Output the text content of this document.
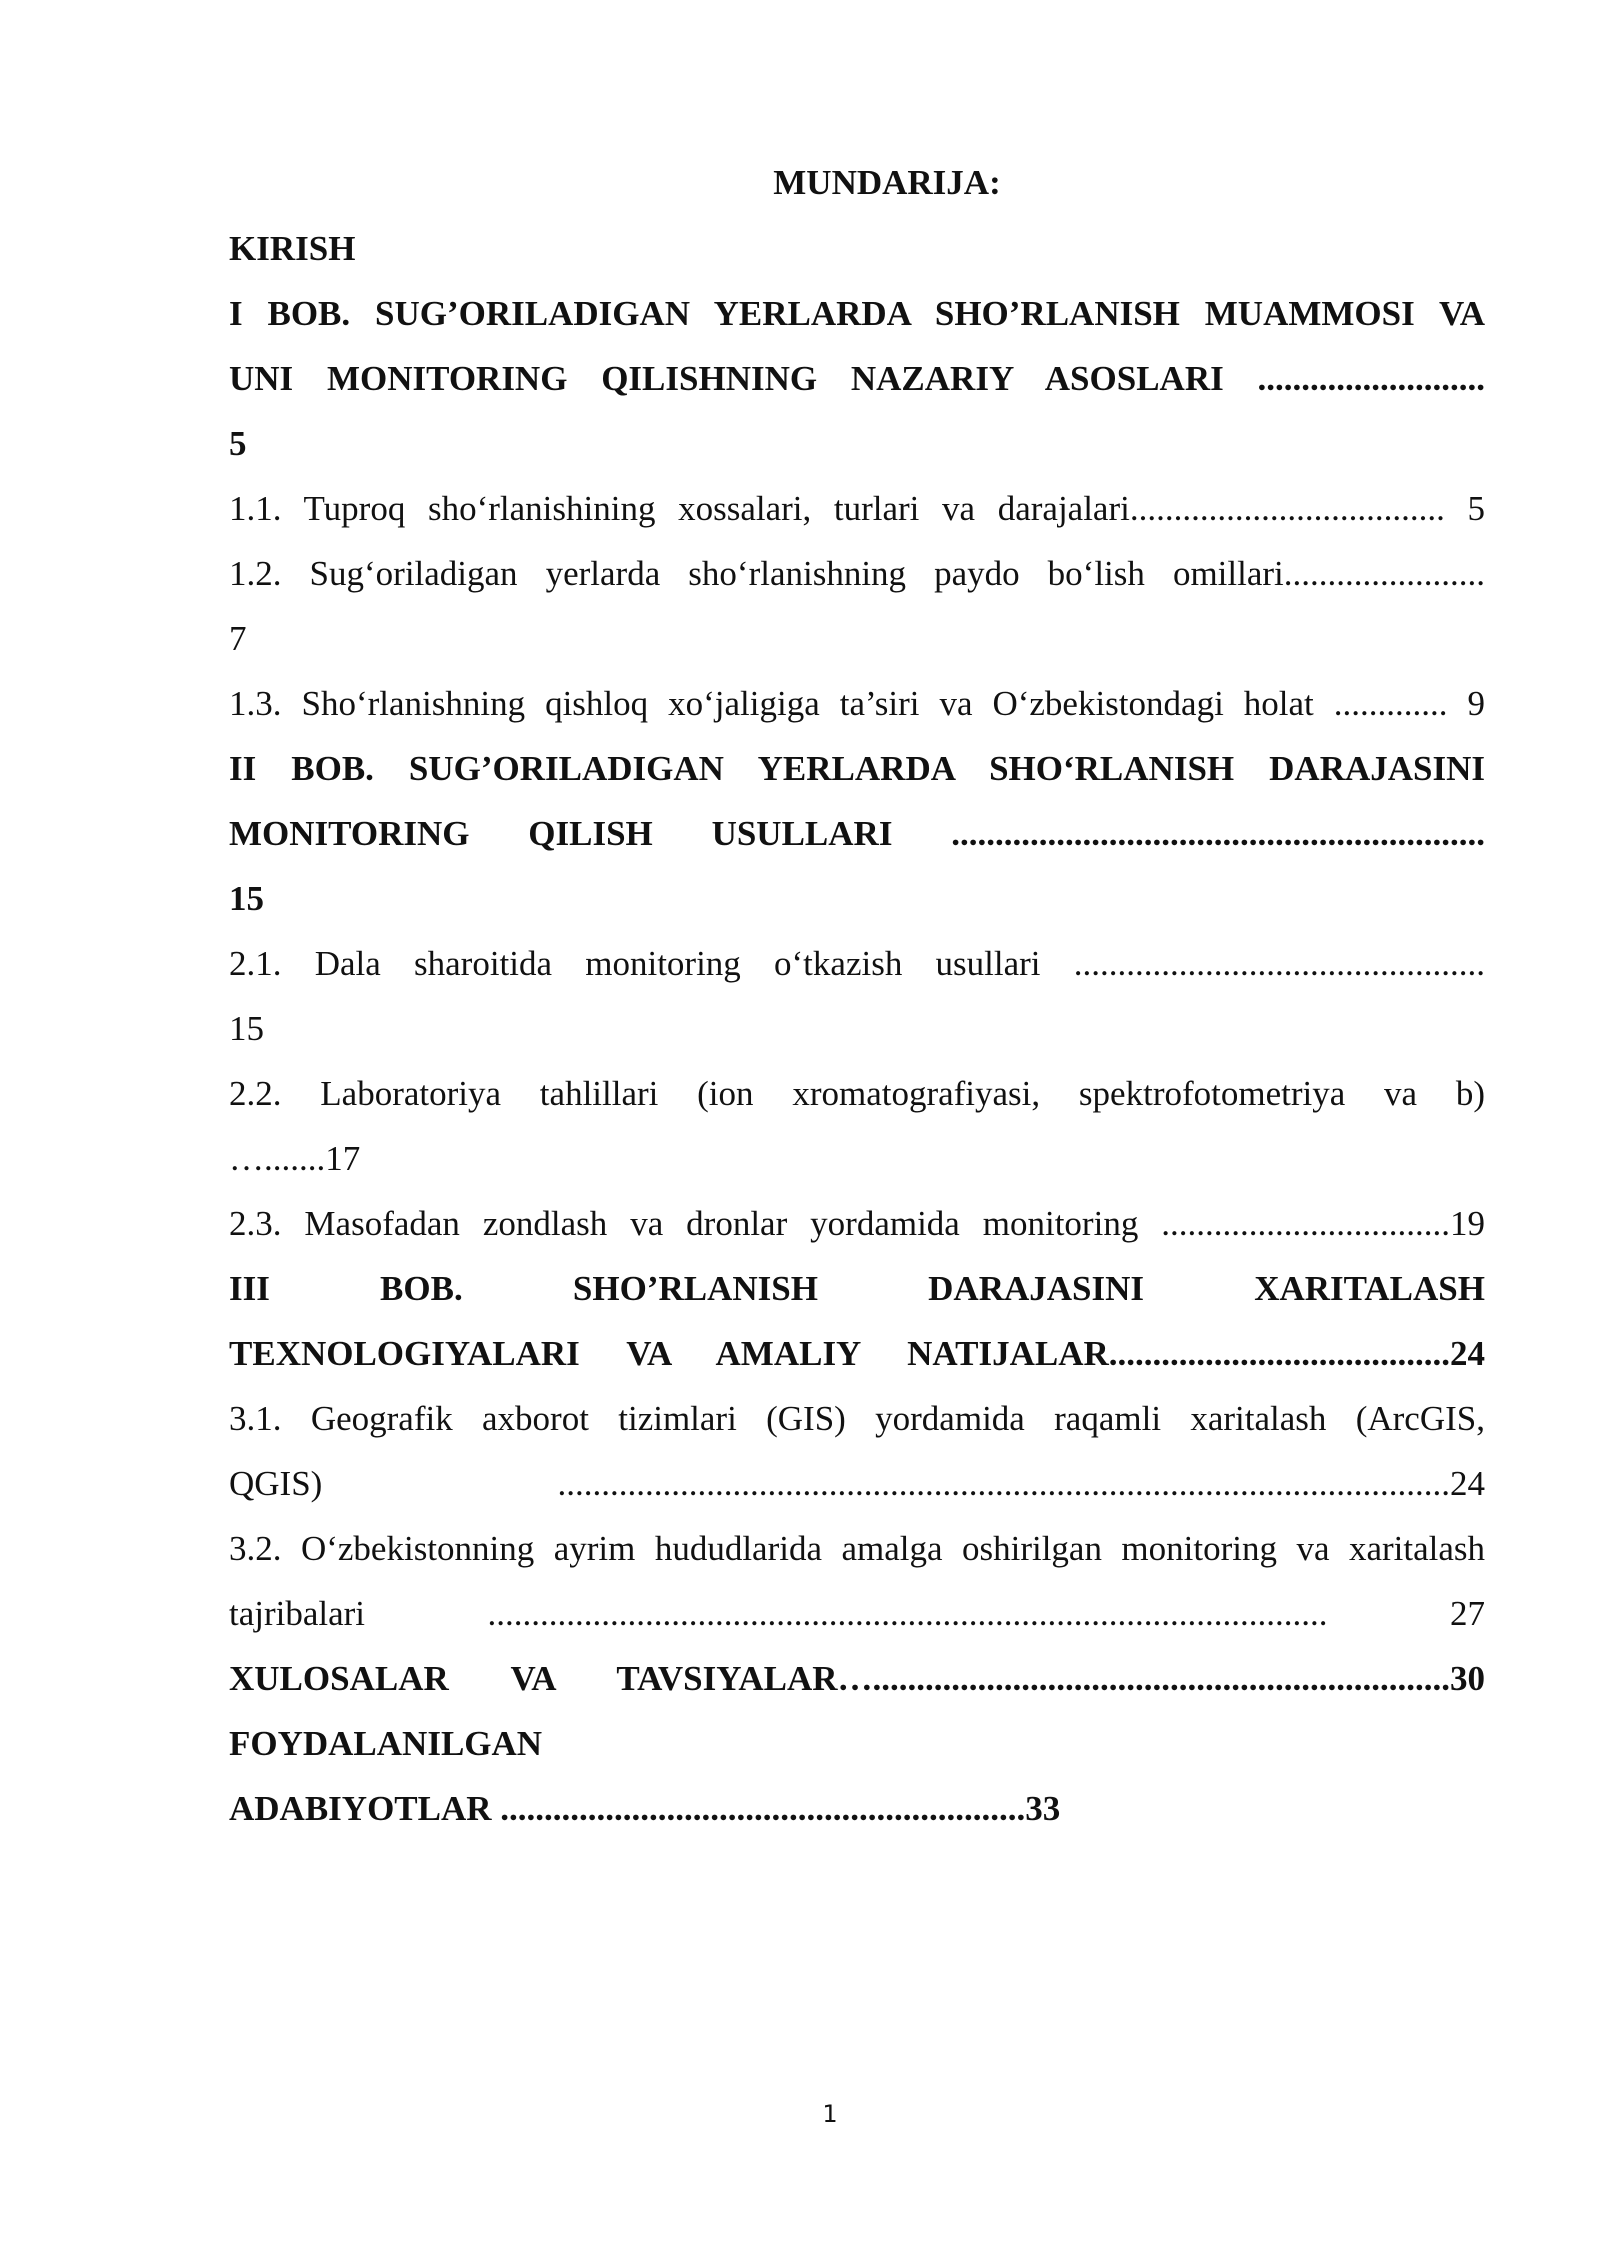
MUNDARIJA:
KIRISH
I BOB. SUG’ORILADIGAN YERLARDA SHO’RLANISH MUAMMOSI VA
UNI MONITORING QILISHNING NAZARIY ASOSLARI ..........................
5
1.1. Tuproq sho‘rlanishining xossalari, turlari va darajalari.................................... 5
1.2. Sug‘oriladigan yerlarda sho‘rlanishning paydo bo‘lish omillari.......................
7
1.3. Sho‘rlanishning qishloq xo‘jaligiga ta’siri va O‘zbekistondagi holat ............. 9
II BOB. SUG’ORILADIGAN YERLARDA SHO‘RLANISH DARAJASINI
MONITORING QILISH USULLARI .............................................................
15
2.1. Dala sharoitida monitoring o‘tkazish usullari ...............................................
15
2.2. Laboratoriya tahlillari (ion xromatografiyasi, spektrofotometriya va b)
….......17
2.3. Masofadan zondlash va dronlar yordamida monitoring .................................19
III BOB. SHO’RLANISH DARAJASINI XARITALASH
TEXNOLOGIYALARI VA AMALIY NATIJALAR.......................................24
3.1. Geografik axborot tizimlari (GIS) yordamida raqamli xaritalash (ArcGIS,
QGIS) ......................................................................................................24
3.2. O‘zbekistonning ayrim hududlarida amalga oshirilgan monitoring va xaritalash
tajribalari ................................................................................................ 27
XULOSALAR VA TAVSIYALAR…..................................................................30
FOYDALANILGAN
ADABIYOTLAR ............................................................33
1
